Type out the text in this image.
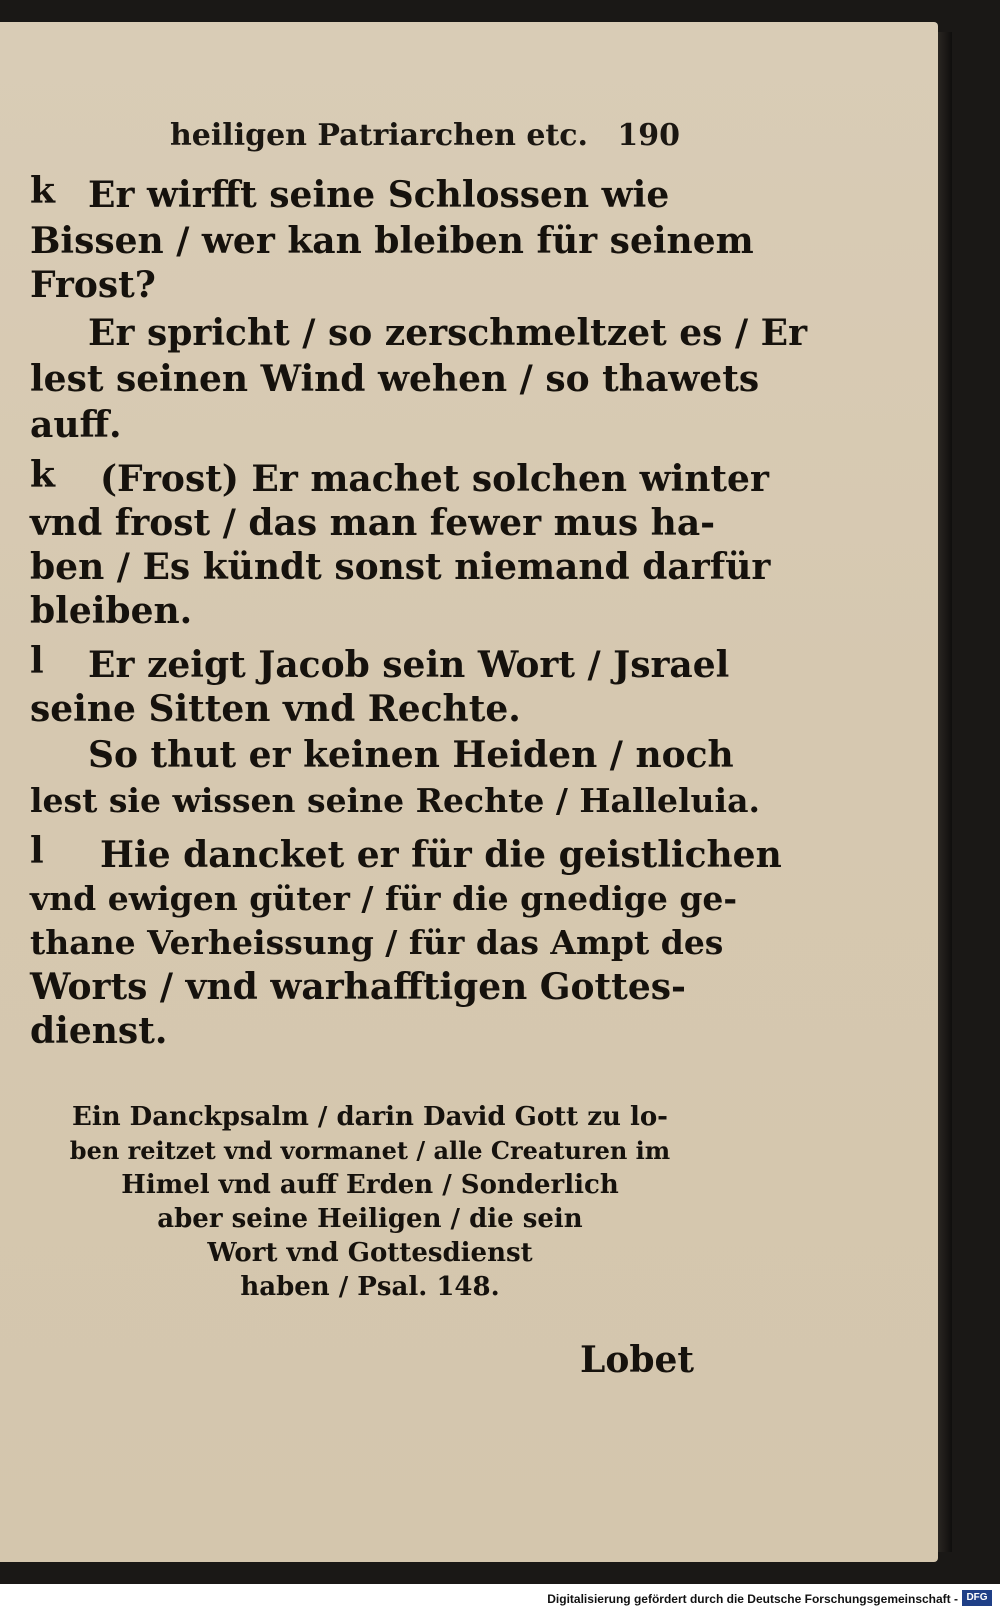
heiligen Patriarchen etc. 190
k Er wirfft seine Schlossen wie
Bissen / wer kan bleiben für seinem
Frost?
Er spricht / so zerschmeltzet es / Er
lest seinen Wind wehen / so thawets
auff.
k (Frost) Er machet solchen winter
vnd frost / das man fewer mus ha-
ben / Es kündt sonst niemand darfür
bleiben.
l Er zeigt Jacob sein Wort / Jsrael
seine Sitten vnd Rechte.
So thut er keinen Heiden / noch
lest sie wissen seine Rechte / Halleluia.
l Hie dancket er für die geistlichen
vnd ewigen güter / für die gnedige ge-
thane Verheissung / für das Ampt des
Worts / vnd warhafftigen Gottes-
dienst.
Ein Danckpsalm / darin David Gott zu lo-
ben reitzet vnd vormanet / alle Creaturen im
Himel vnd auff Erden / Sonderlich
aber seine Heiligen / die sein
Wort vnd Gottesdienst
haben / Psal. 148.
Lobet
Digitalisierung gefördert durch die Deutsche Forschungsgemeinschaft - DFG
